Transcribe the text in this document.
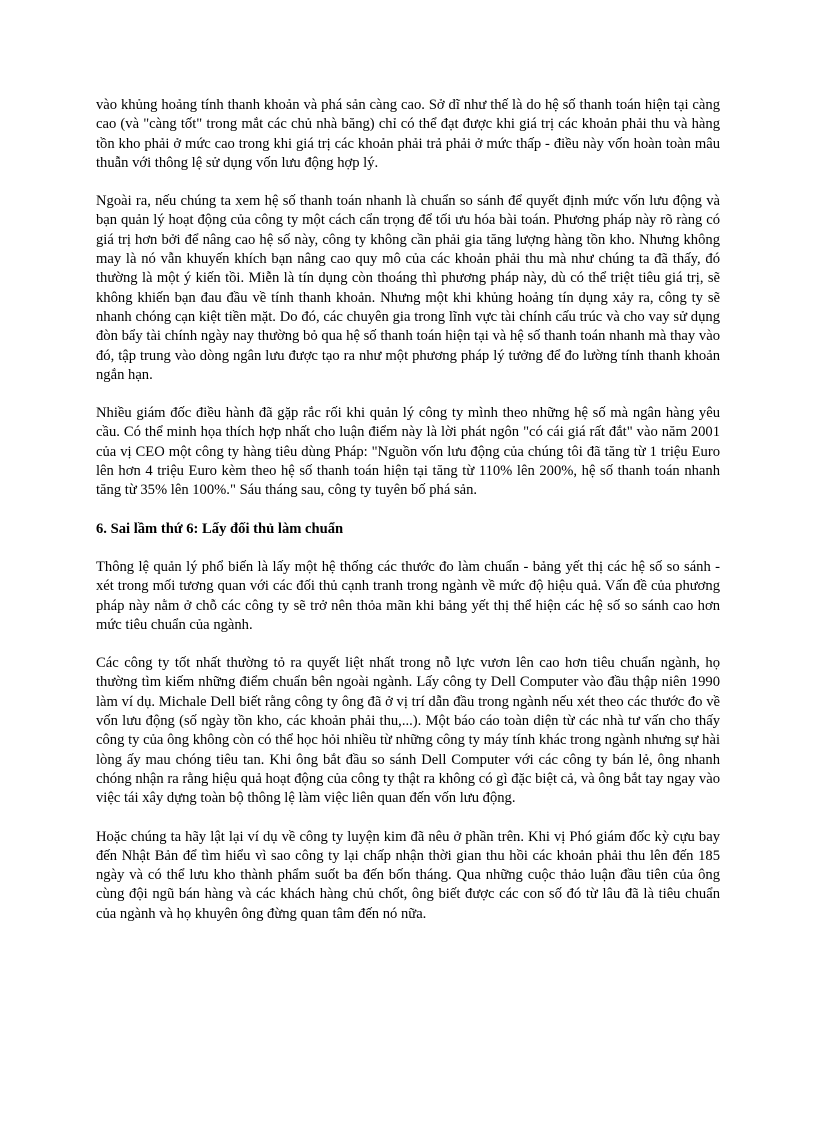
vào khủng hoảng tính thanh khoản và phá sản càng cao. Sở dĩ như thế là do hệ số thanh toán hiện tại càng cao (và "càng tốt" trong mắt các chủ nhà băng) chỉ có thể đạt được khi giá trị các khoản phải thu và hàng tồn kho phải ở mức cao trong khi giá trị các khoản phải trả phải ở mức thấp - điều này vốn hoàn toàn mâu thuẫn với thông lệ sử dụng vốn lưu động hợp lý.

Ngoài ra, nếu chúng ta xem hệ số thanh toán nhanh là chuẩn so sánh để quyết định mức vốn lưu động và bạn quản lý hoạt động của công ty một cách cẩn trọng để tối ưu hóa bài toán. Phương pháp này rõ ràng có giá trị hơn bởi để nâng cao hệ số này, công ty không cần phải gia tăng lượng hàng tồn kho. Nhưng không may là nó vẫn khuyến khích bạn nâng cao quy mô của các khoản phải thu mà như chúng ta đã thấy, đó thường là một ý kiến tồi. Miễn là tín dụng còn thoáng thì phương pháp này, dù có thể triệt tiêu giá trị, sẽ không khiến bạn đau đầu về tính thanh khoản. Nhưng một khi khủng hoảng tín dụng xảy ra, công ty sẽ nhanh chóng cạn kiệt tiền mặt. Do đó, các chuyên gia trong lĩnh vực tài chính cấu trúc và cho vay sử dụng đòn bẩy tài chính ngày nay thường bỏ qua hệ số thanh toán hiện tại và hệ số thanh toán nhanh mà thay vào đó, tập trung vào dòng ngân lưu được tạo ra như một phương pháp lý tưởng để đo lường tính thanh khoản ngắn hạn.

Nhiều giám đốc điều hành đã gặp rắc rối khi quản lý công ty mình theo những hệ số mà ngân hàng yêu cầu. Có thể minh họa thích hợp nhất cho luận điểm này là lời phát ngôn "có cái giá rất đắt" vào năm 2001 của vị CEO một công ty hàng tiêu dùng Pháp: "Nguồn vốn lưu động của chúng tôi đã tăng từ 1 triệu Euro lên hơn 4 triệu Euro kèm theo hệ số thanh toán hiện tại tăng từ 110% lên 200%, hệ số thanh toán nhanh tăng từ 35% lên 100%." Sáu tháng sau, công ty tuyên bố phá sản.

6. Sai lầm thứ 6: Lấy đối thủ làm chuẩn

Thông lệ quản lý phổ biến là lấy một hệ thống các thước đo làm chuẩn - bảng yết thị các hệ số so sánh - xét trong mối tương quan với các đối thủ cạnh tranh trong ngành về mức độ hiệu quả. Vấn đề của phương pháp này nằm ở chỗ các công ty sẽ trở nên thỏa mãn khi bảng yết thị thể hiện các hệ số so sánh cao hơn mức tiêu chuẩn của ngành.

Các công ty tốt nhất thường tỏ ra quyết liệt nhất trong nỗ lực vươn lên cao hơn tiêu chuẩn ngành, họ thường tìm kiếm những điểm chuẩn bên ngoài ngành. Lấy công ty Dell Computer vào đầu thập niên 1990 làm ví dụ. Michale Dell biết rằng công ty ông đã ở vị trí dẫn đầu trong ngành nếu xét theo các thước đo về vốn lưu động (số ngày tồn kho, các khoản phải thu,...). Một báo cáo toàn diện từ các nhà tư vấn cho thấy công ty của ông không còn có thể học hỏi nhiều từ những công ty máy tính khác trong ngành nhưng sự hài lòng ấy mau chóng tiêu tan. Khi ông bắt đầu so sánh Dell Computer với các công ty bán lẻ, ông nhanh chóng nhận ra rằng hiệu quả hoạt động của công ty thật ra không có gì đặc biệt cả, và ông bắt tay ngay vào việc tái xây dựng toàn bộ thông lệ làm việc liên quan đến vốn lưu động.

Hoặc chúng ta hãy lật lại ví dụ về công ty luyện kim đã nêu ở phần trên. Khi vị Phó giám đốc kỳ cựu bay đến Nhật Bản để tìm hiểu vì sao công ty lại chấp nhận thời gian thu hồi các khoản phải thu lên đến 185 ngày và có thể lưu kho thành phẩm suốt ba đến bốn tháng. Qua những cuộc thảo luận đầu tiên của ông cùng đội ngũ bán hàng và các khách hàng chủ chốt, ông biết được các con số đó từ lâu đã là tiêu chuẩn của ngành và họ khuyên ông đừng quan tâm đến nó nữa.
